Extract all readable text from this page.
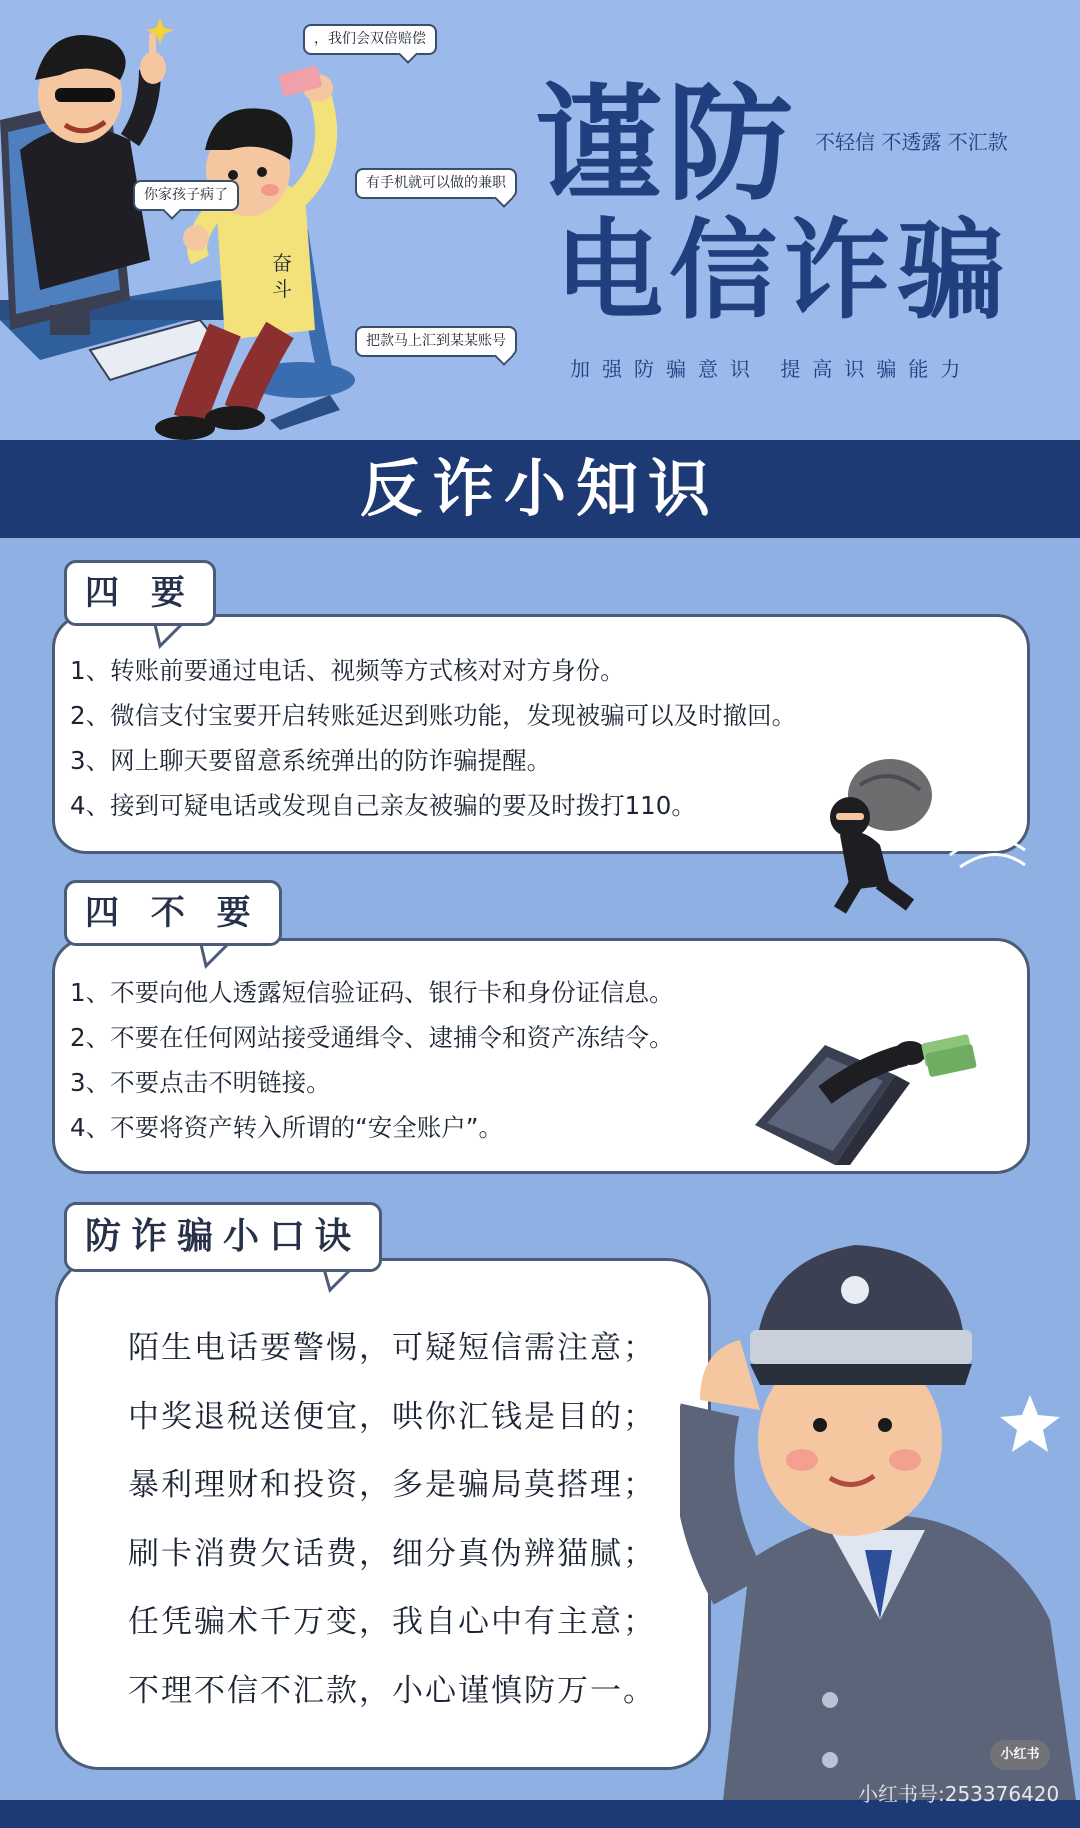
奋
斗
，我们会双倍赔偿
你家孩子病了
有手机就可以做的兼职
把款马上汇到某某账号
谨防 不轻信 不透露 不汇款
电信诈骗
加强防骗意识 提高识骗能力
反诈小知识
四 要
1、转账前要通过电话、视频等方式核对对方身份。
2、微信支付宝要开启转账延迟到账功能，发现被骗可以及时撤回。
3、网上聊天要留意系统弹出的防诈骗提醒。
4、接到可疑电话或发现自己亲友被骗的要及时拨打110。
四 不 要
1、不要向他人透露短信验证码、银行卡和身份证信息。
2、不要在任何网站接受通缉令、逮捕令和资产冻结令。
3、不要点击不明链接。
4、不要将资产转入所谓的“安全账户”。
防诈骗小口诀
陌生电话要警惕，可疑短信需注意；
中奖退税送便宜，哄你汇钱是目的；
暴利理财和投资，多是骗局莫搭理；
刷卡消费欠话费，细分真伪辨猫腻；
任凭骗术千万变，我自心中有主意；
不理不信不汇款，小心谨慎防万一。
小红书
小红书号:253376420
